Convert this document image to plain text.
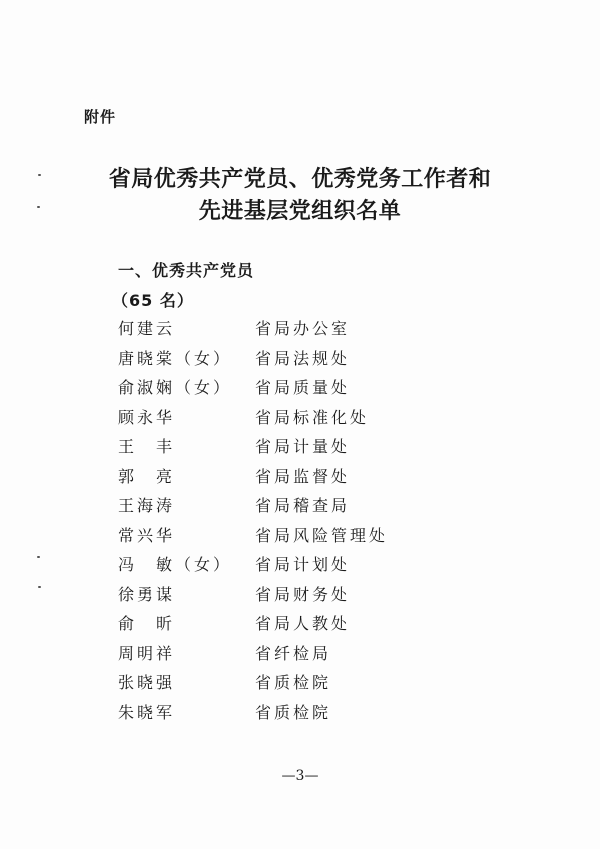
附件
省局优秀共产党员、优秀党务工作者和
先进基层党组织名单
一、优秀共产党员
（65 名）
何建云	省局办公室
唐晓棠（女） 省局法规处
俞淑娴（女） 省局质量处
顾永华	省局标准化处
王　丰	省局计量处
郭　亮	省局监督处
王海涛	省局稽查局
常兴华	省局风险管理处
冯　敏（女） 省局计划处
徐勇谋	省局财务处
俞　昕	省局人教处
周明祥	省纤检局
张晓强	省质检院
朱晓军	省质检院
—3—
